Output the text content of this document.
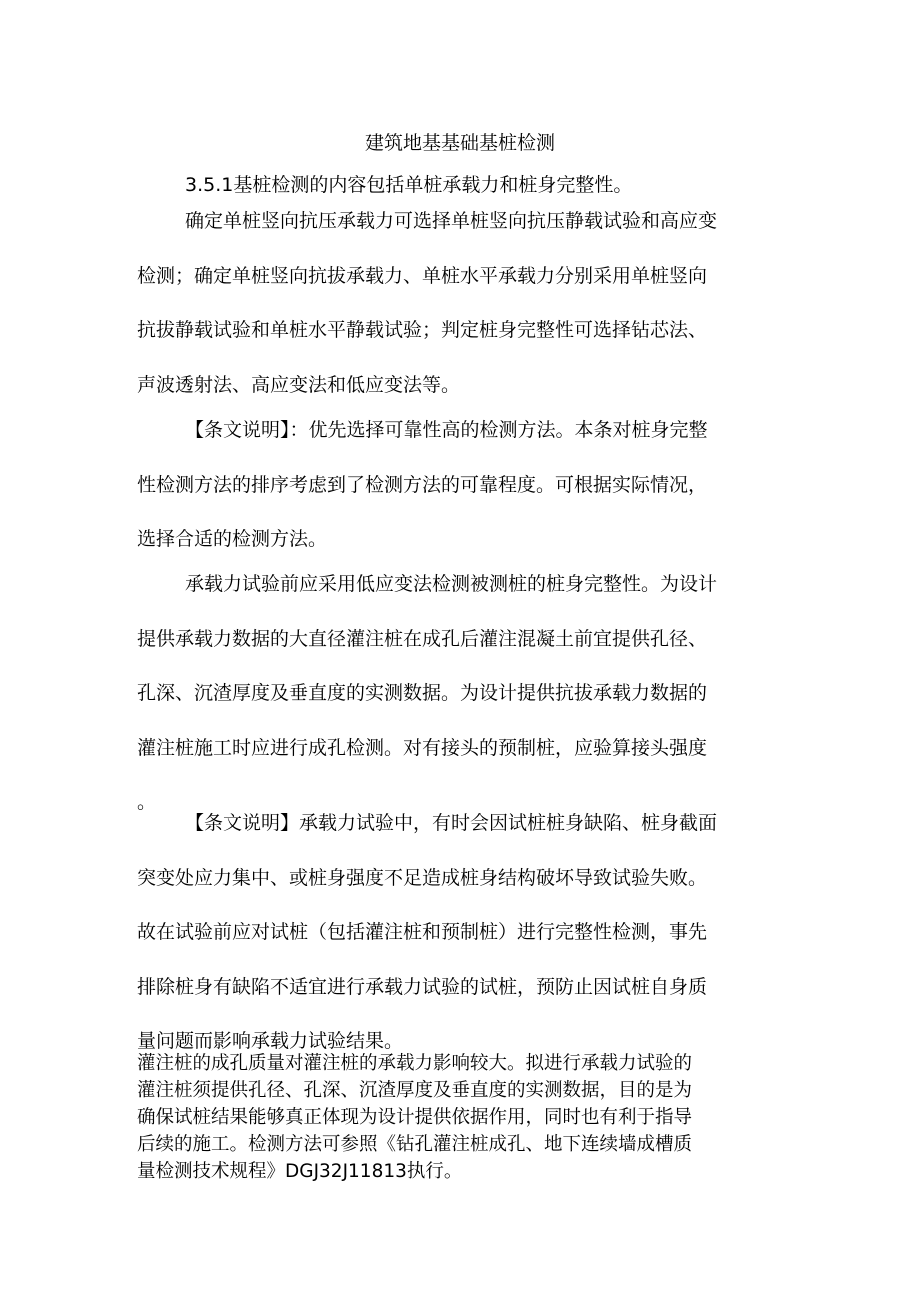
建筑地基基础基桩检测

3.5.1基桩检测的内容包括单桩承载力和桩身完整性。

确定单桩竖向抗压承载力可选择单桩竖向抗压静载试验和高应变
检测；确定单桩竖向抗拔承载力、单桩水平承载力分别采用单桩竖向
抗拔静载试验和单桩水平静载试验；判定桩身完整性可选择钻芯法、
声波透射法、高应变法和低应变法等。

【条文说明】：优先选择可靠性高的检测方法。本条对桩身完整
性检测方法的排序考虑到了检测方法的可靠程度。可根据实际情况，
选择合适的检测方法。

承载力试验前应采用低应变法检测被测桩的桩身完整性。为设计
提供承载力数据的大直径灌注桩在成孔后灌注混凝土前宜提供孔径、
孔深、沉渣厚度及垂直度的实测数据。为设计提供抗拔承载力数据的
灌注桩施工时应进行成孔检测。对有接头的预制桩，应验算接头强度
。

【条文说明】承载力试验中，有时会因试桩桩身缺陷、桩身截面
突变处应力集中、或桩身强度不足造成桩身结构破坏导致试验失败。
故在试验前应对试桩（包括灌注桩和预制桩）进行完整性检测，事先
排除桩身有缺陷不适宜进行承载力试验的试桩，预防止因试桩自身质
量问题而影响承载力试验结果。

灌注桩的成孔质量对灌注桩的承载力影响较大。拟进行承载力试验的
灌注桩须提供孔径、孔深、沉渣厚度及垂直度的实测数据，目的是为
确保试桩结果能够真正体现为设计提供依据作用，同时也有利于指导
后续的施工。检测方法可参照《钻孔灌注桩成孔、地下连续墙成槽质
量检测技术规程》DGJ32J11813执行。
